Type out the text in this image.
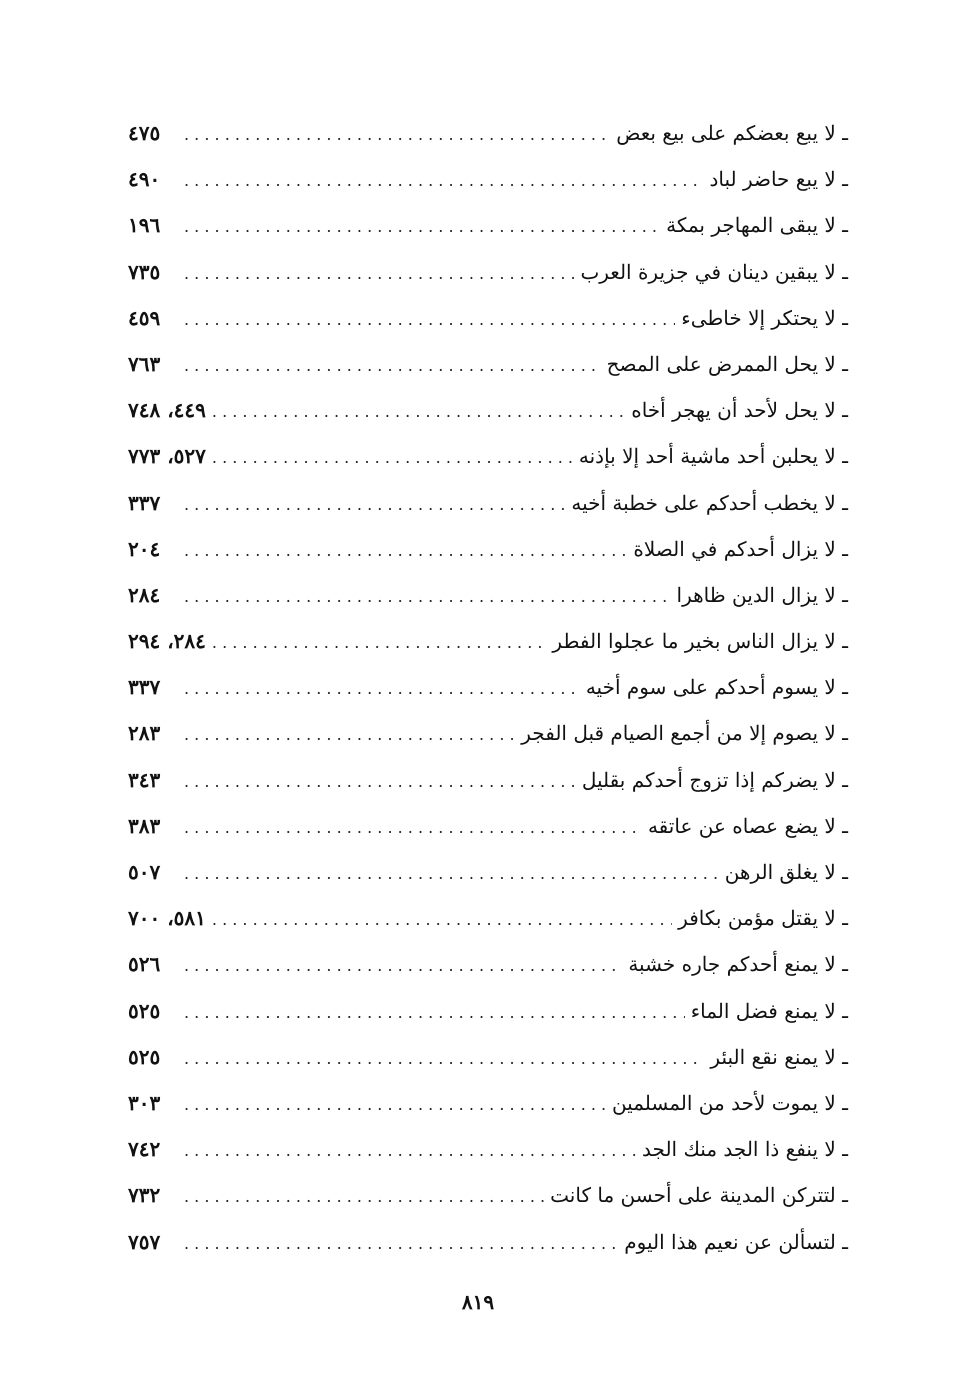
ـ لا يبع بعضكم على بيع بعض
. . .
٤٧٥
ـ لا يبع حاضر لباد
. . .
٤٩٠
ـ لا يبقى المهاجر بمكة
. . .
١٩٦
ـ لا يبقين دينان في جزيرة العرب
. . .
٧٣٥
ـ لا يحتكر إلا خاطىء
. . .
٤٥٩
ـ لا يحل الممرض على المصح
. . .
٧٦٣
ـ لا يحل لأحد أن يهجر أخاه
. . .
٤٤٩، ٧٤٨
ـ لا يحلبن أحد ماشية أحد إلا بإذنه
. . .
٥٢٧، ٧٧٣
ـ لا يخطب أحدكم على خطبة أخيه
. . .
٣٣٧
ـ لا يزال أحدكم في الصلاة
. . .
٢٠٤
ـ لا يزال الدين ظاهرا
. . .
٢٨٤
ـ لا يزال الناس بخير ما عجلوا الفطر
. . .
٢٨٤، ٢٩٤
ـ لا يسوم أحدكم على سوم أخيه
. . .
٣٣٧
ـ لا يصوم إلا من أجمع الصيام قبل الفجر
. . .
٢٨٣
ـ لا يضركم إذا تزوج أحدكم بقليل
. . .
٣٤٣
ـ لا يضع عصاه عن عاتقه
. . .
٣٨٣
ـ لا يغلق الرهن
. . .
٥٠٧
ـ لا يقتل مؤمن بكافر
. . .
٥٨١، ٧٠٠
ـ لا يمنع أحدكم جاره خشبة
. . .
٥٢٦
ـ لا يمنع فضل الماء
. . .
٥٢٥
ـ لا يمنع نقع البئر
. . .
٥٢٥
ـ لا يموت لأحد من المسلمين
. . .
٣٠٣
ـ لا ينفع ذا الجد منك الجد
. . .
٧٤٢
ـ لتتركن المدينة على أحسن ما كانت
. . .
٧٣٢
ـ لتسألن عن نعيم هذا اليوم
. . .
٧٥٧
٨١٩
